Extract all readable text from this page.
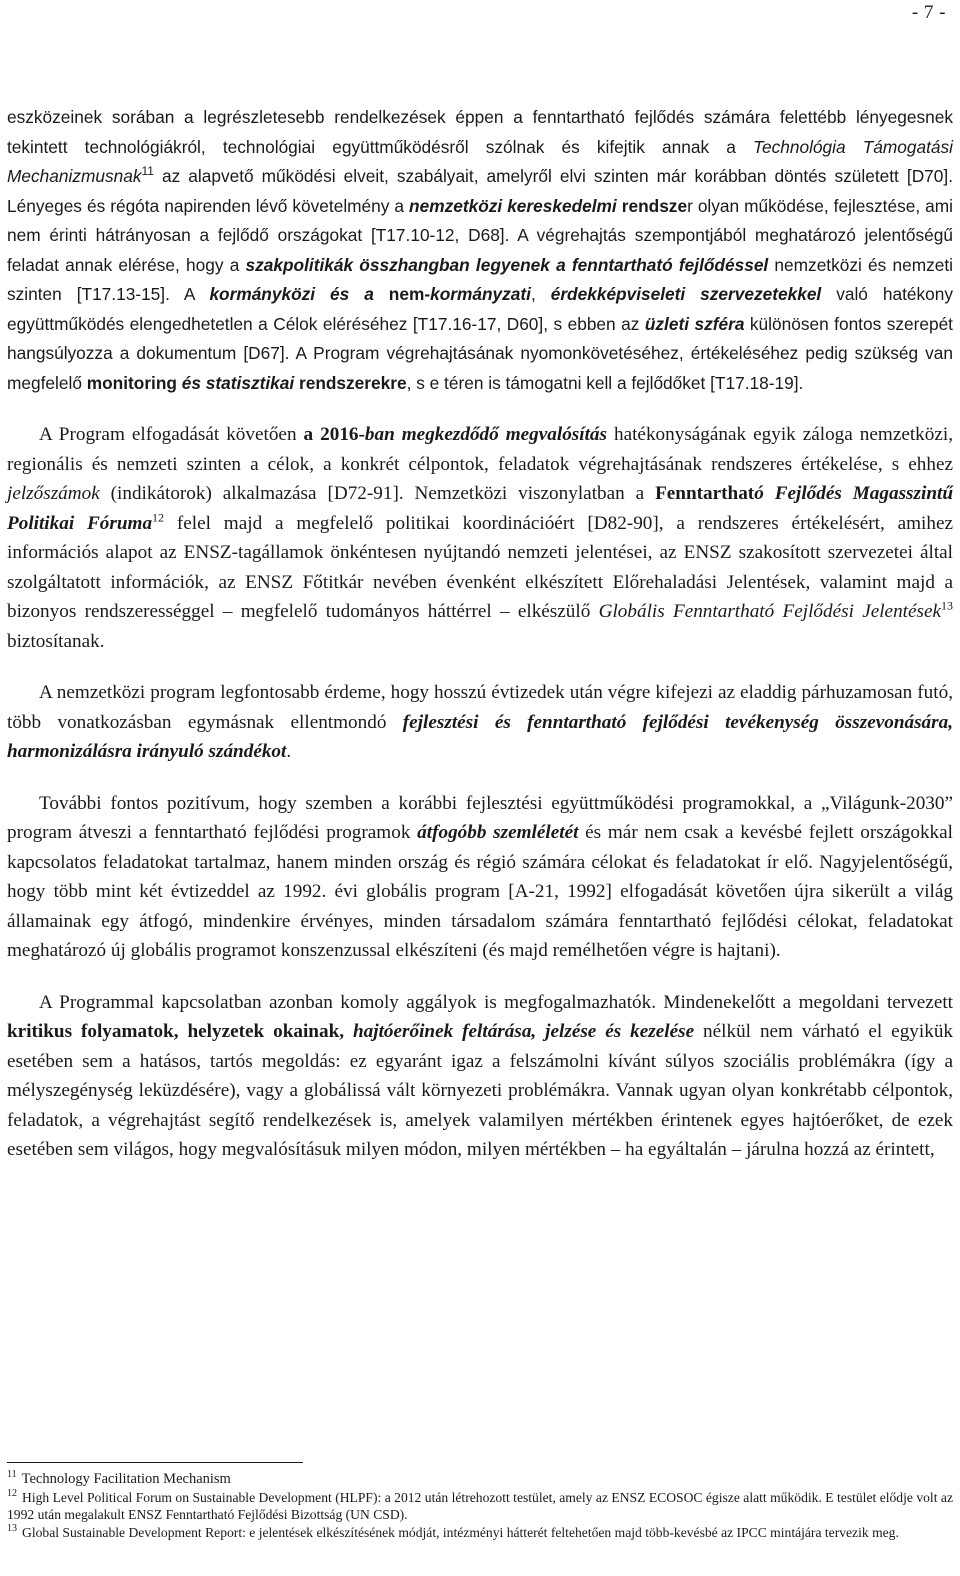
- 7 -

eszközeinek sorában a legrészletesebb rendelkezések éppen a fenntartható fejlődés számára felettébb lényegesnek tekintett technológiákról, technológiai együttműködésről szólnak és kifejtik annak a Technológia Támogatási Mechanizmusnak$^{11}$ az alapvető működési elveit, szabályait, amelyről elvi szinten már korábban döntés született [D70]. Lényeges és régóta napirenden lévő követelmény a nemzetközi kereskedelmi rendszer olyan működése, fejlesztése, ami nem érinti hátrányosan a fejlődő országokat [T17.10-12, D68]. A végrehajtás szempontjából meghatározó jelentőségű feladat annak elérése, hogy a szakpolitikák összhangban legyenek a fenntartható fejlődéssel nemzetközi és nemzeti szinten [T17.13-15]. A kormányközi és a nem-kormányzati, érdekképviseleti szervezetekkel való hatékony együttműködés elengedhetetlen a Célok eléréséhez [T17.16-17, D60], s ebben az üzleti szféra különösen fontos szerepét hangsúlyozza a dokumentum [D67]. A Program végrehajtásának nyomonkövetéséhez, értékeléséhez pedig szükség van megfelelő monitoring és statisztikai rendszerekre, s e téren is támogatni kell a fejlődőket [T17.18-19].

A Program elfogadását követően a 2016-ban megkezdődő megvalósítás hatékonyságának egyik záloga nemzetközi, regionális és nemzeti szinten a célok, a konkrét célpontok, feladatok végrehajtásának rendszeres értékelése, s ehhez jelzőszámok (indikátorok) alkalmazása [D72-91]. Nemzetközi viszonylatban a Fenntartható Fejlődés Magasszintű Politikai Fóruma$^{12}$ felel majd a megfelelő politikai koordinációért [D82-90], a rendszeres értékelésért, amihez információs alapot az ENSZ-tagállamok önkéntesen nyújtandó nemzeti jelentései, az ENSZ szakosított szervezetei által szolgáltatott információk, az ENSZ Főtitkár nevében évenként elkészített Előrehaladási Jelentések, valamint majd a bizonyos rendszerességgel – megfelelő tudományos háttérrel – elkészülő Globális Fenntartható Fejlődési Jelentések$^{13}$ biztosítanak.

A nemzetközi program legfontosabb érdeme, hogy hosszú évtizedek után végre kifejezi az eladdig párhuzamosan futó, több vonatkozásban egymásnak ellentmondó fejlesztési és fenntartható fejlődési tevékenység összevonására, harmonizálásra irányuló szándékot.

További fontos pozitívum, hogy szemben a korábbi fejlesztési együttműködési programokkal, a „Világunk-2030” program átveszi a fenntartható fejlődési programok átfogóbb szemléletét és már nem csak a kevésbé fejlett országokkal kapcsolatos feladatokat tartalmaz, hanem minden ország és régió számára célokat és feladatokat ír elő. Nagyjelentőségű, hogy több mint két évtizeddel az 1992. évi globális program [A-21, 1992] elfogadását követően újra sikerült a világ államainak egy átfogó, mindenkire érvényes, minden társadalom számára fenntartható fejlődési célokat, feladatokat meghatározó új globális programot konszenzussal elkészíteni (és majd remélhetően végre is hajtani).

A Programmal kapcsolatban azonban komoly aggályok is megfogalmazhatók. Mindenekelőtt a megoldani tervezett kritikus folyamatok, helyzetek okainak, hajtóerőinek feltárása, jelzése és kezelése nélkül nem várható el egyikük esetében sem a hatásos, tartós megoldás: ez egyaránt igaz a felszámolni kívánt súlyos szociális problémákra (így a mélyszegénység leküzdésére), vagy a globálissá vált környezeti problémákra. Vannak ugyan olyan konkrétabb célpontok, feladatok, a végrehajtást segítő rendelkezések is, amelyek valamilyen mértékben érintenek egyes hajtóerőket, de ezek esetében sem világos, hogy megvalósításuk milyen módon, milyen mértékben – ha egyáltalán – járulna hozzá az érintett,

$^{11}$ Technology Facilitation Mechanism

$^{12}$ High Level Political Forum on Sustainable Development (HLPF): a 2012 után létrehozott testület, amely az ENSZ ECOSOC égisze alatt működik. E testület elődje volt az 1992 után megalakult ENSZ Fenntartható Fejlődési Bizottság (UN CSD).

$^{13}$ Global Sustainable Development Report: e jelentések elkészítésének módját, intézményi hátterét feltehetően majd több-kevésbé az IPCC mintájára tervezik meg.
